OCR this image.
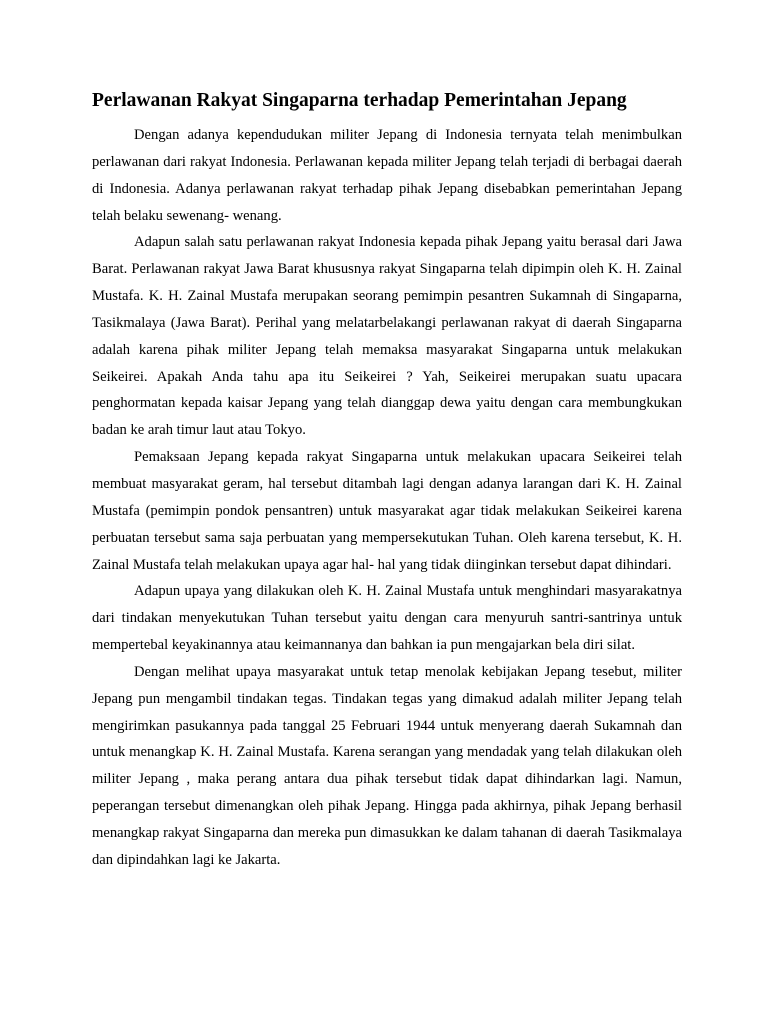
Perlawanan Rakyat Singaparna terhadap Pemerintahan Jepang

Dengan adanya kependudukan militer Jepang di Indonesia ternyata telah menimbulkan perlawanan dari rakyat Indonesia. Perlawanan kepada militer Jepang telah terjadi di berbagai daerah di Indonesia. Adanya perlawanan rakyat terhadap pihak Jepang disebabkan pemerintahan Jepang telah belaku sewenang- wenang.

Adapun salah satu perlawanan rakyat Indonesia kepada pihak Jepang yaitu berasal dari Jawa Barat. Perlawanan rakyat Jawa Barat khususnya rakyat Singaparna telah dipimpin oleh K. H. Zainal Mustafa. K. H. Zainal Mustafa merupakan seorang pemimpin pesantren Sukamnah di Singaparna, Tasikmalaya (Jawa Barat). Perihal yang melatarbelakangi perlawanan rakyat di daerah Singaparna adalah karena pihak militer Jepang telah memaksa masyarakat Singaparna untuk melakukan Seikeirei. Apakah Anda tahu apa itu Seikeirei ? Yah, Seikeirei merupakan suatu upacara penghormatan kepada kaisar Jepang yang telah dianggap dewa yaitu dengan cara membungkukan badan ke arah timur laut atau Tokyo.

Pemaksaan Jepang kepada rakyat Singaparna untuk melakukan upacara Seikeirei telah membuat masyarakat geram, hal tersebut ditambah lagi dengan adanya larangan dari K. H. Zainal Mustafa (pemimpin pondok pensantren) untuk masyarakat agar tidak melakukan Seikeirei karena perbuatan tersebut sama saja perbuatan yang mempersekutukan Tuhan. Oleh karena tersebut, K. H. Zainal Mustafa telah melakukan upaya agar hal- hal yang tidak diinginkan tersebut dapat dihindari.

Adapun upaya yang dilakukan oleh K. H. Zainal Mustafa untuk menghindari masyarakatnya dari tindakan menyekutukan Tuhan tersebut yaitu dengan cara menyuruh santri-santrinya untuk mempertebal keyakinannya atau keimannanya dan bahkan ia pun mengajarkan bela diri silat.

Dengan melihat upaya masyarakat untuk tetap menolak kebijakan Jepang tesebut, militer Jepang pun mengambil tindakan tegas. Tindakan tegas yang dimakud adalah militer Jepang telah mengirimkan pasukannya pada tanggal 25 Februari 1944 untuk menyerang daerah Sukamnah dan untuk menangkap K. H. Zainal Mustafa. Karena serangan yang mendadak yang telah dilakukan oleh militer Jepang , maka perang antara dua pihak tersebut tidak dapat dihindarkan lagi. Namun, peperangan tersebut dimenangkan oleh pihak Jepang. Hingga pada akhirnya, pihak Jepang berhasil menangkap rakyat Singaparna dan mereka pun dimasukkan ke dalam tahanan di daerah Tasikmalaya dan dipindahkan lagi ke Jakarta.
